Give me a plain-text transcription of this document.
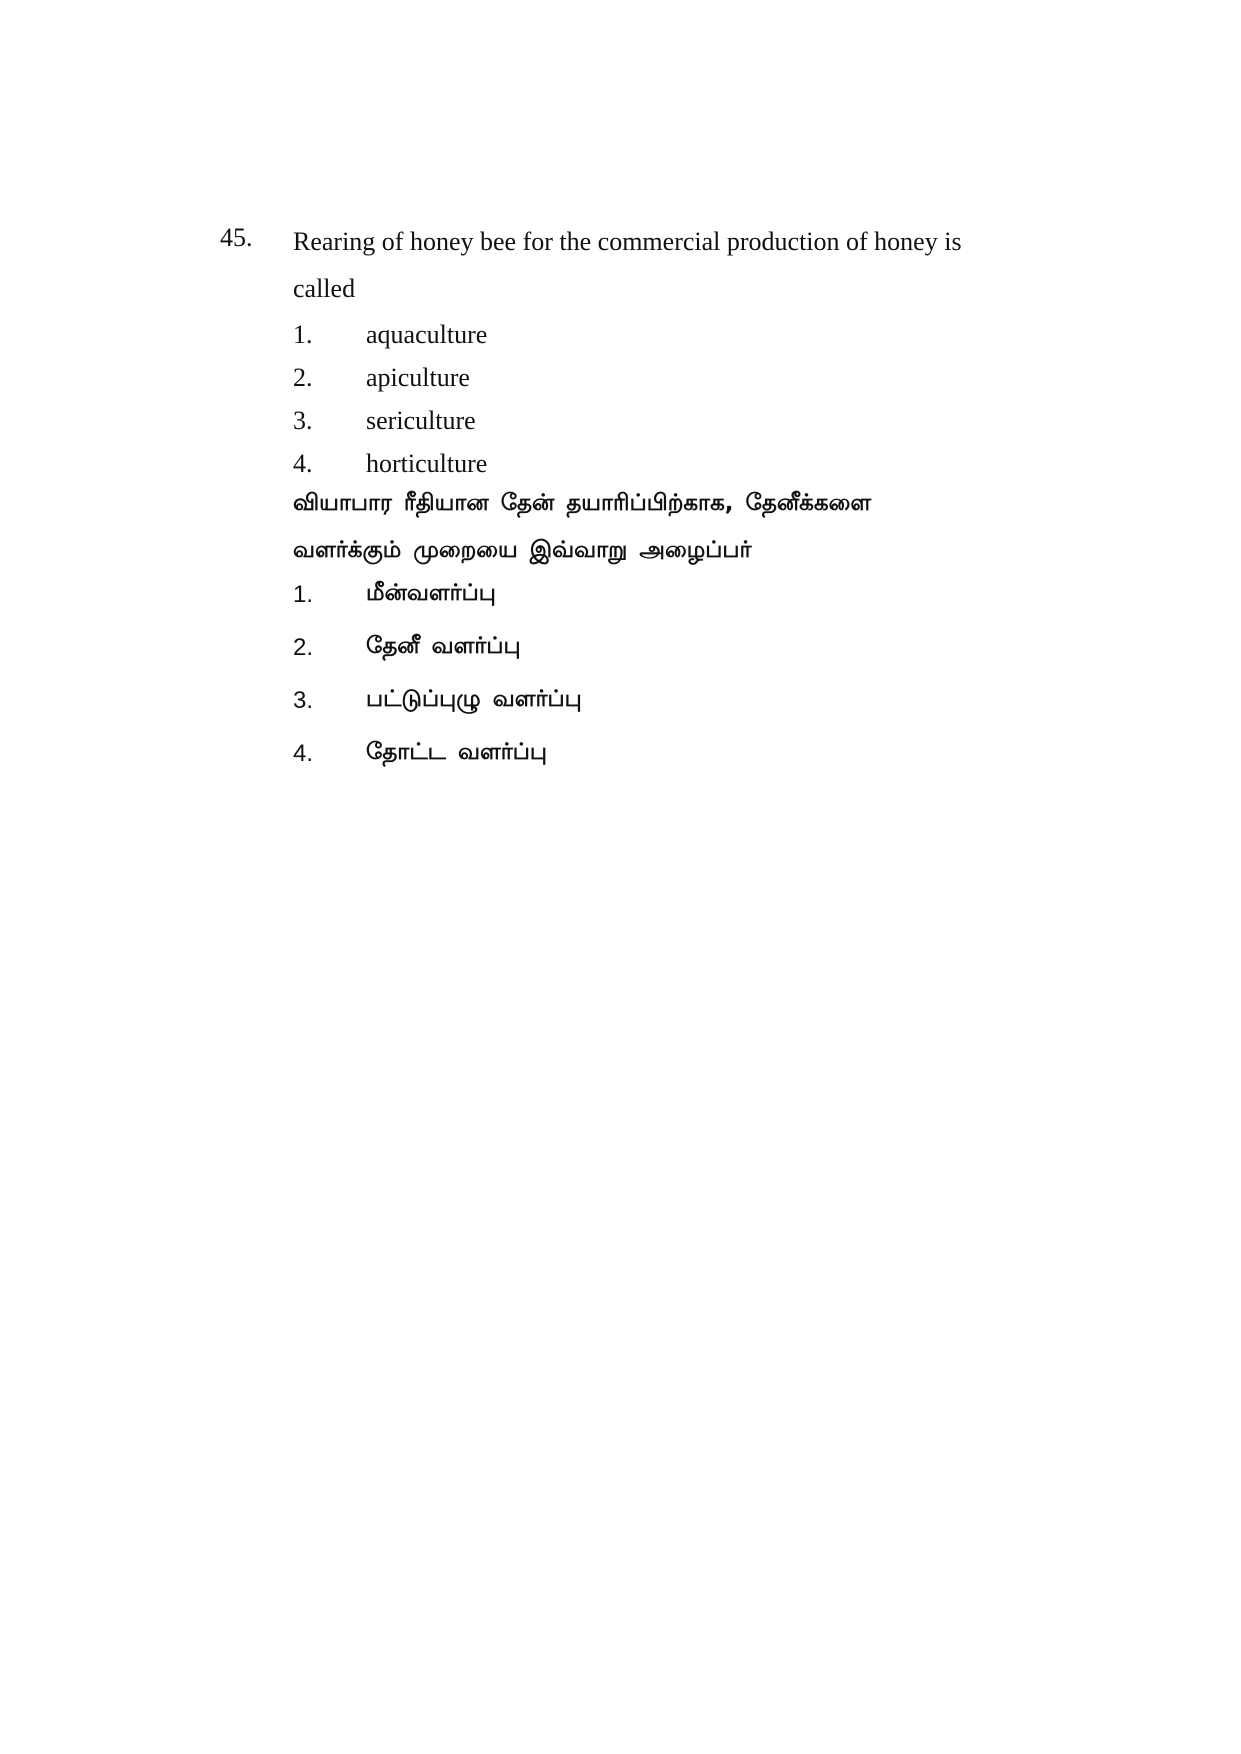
45. Rearing of honey bee for the commercial production of honey is called
1.	aquaculture
2.	apiculture
3.	sericulture
4.	horticulture
வியாபார ரீதியான தேன் தயாரிப்பிற்காக, தேனீக்களை வளர்க்கும் முறையை இவ்வாறு அழைப்பர்
1.	மீன்வளர்ப்பு
2.	தேனீ வளர்ப்பு
3.	பட்டுப்புழு வளர்ப்பு
4.	தோட்ட வளர்ப்பு
